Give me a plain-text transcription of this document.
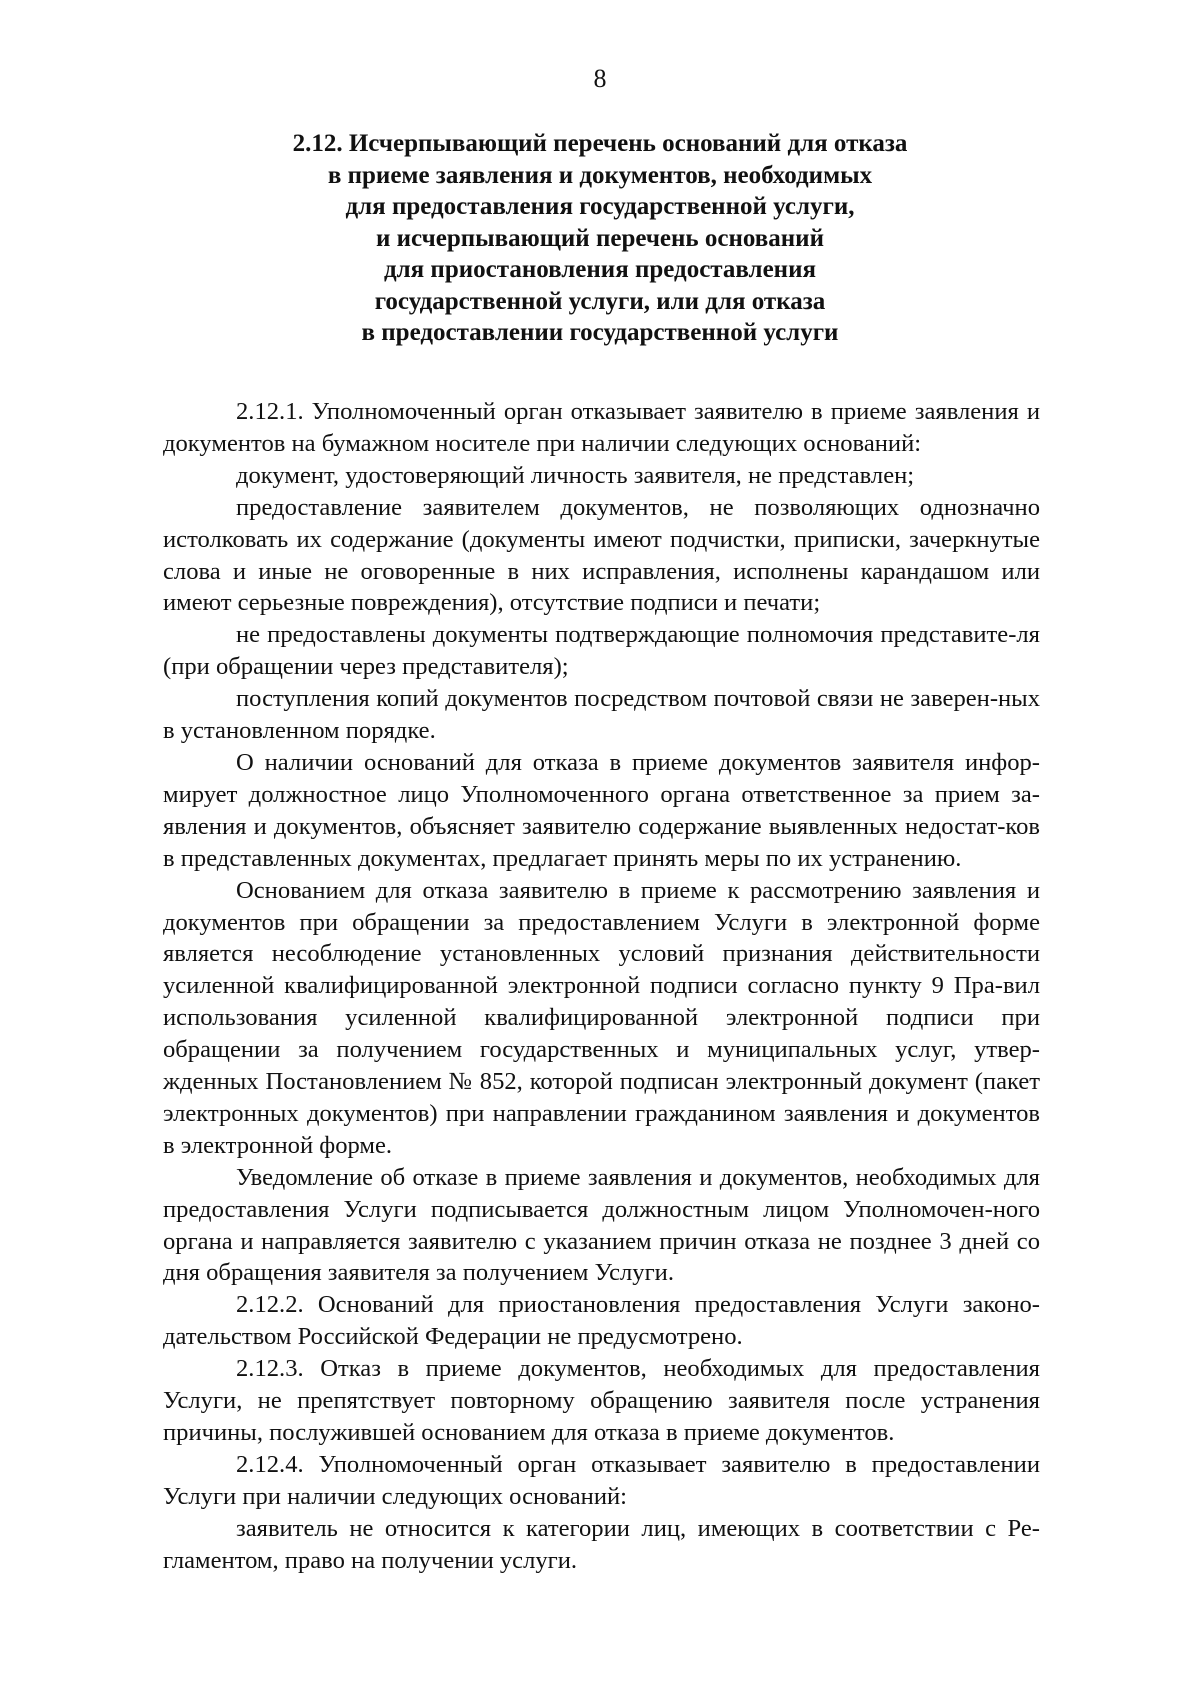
8
2.12. Исчерпывающий перечень оснований для отказа
в приеме заявления и документов, необходимых
для предоставления государственной услуги,
и исчерпывающий перечень оснований
для приостановления предоставления
государственной услуги, или для отказа
в предоставлении государственной услуги

2.12.1. Уполномоченный орган отказывает заявителю в приеме заявления и документов на бумажном носителе при наличии следующих оснований:

документ, удостоверяющий личность заявителя, не представлен;

предоставление заявителем документов, не позволяющих однозначно истолковать их содержание (документы имеют подчистки, приписки, зачеркнутые слова и иные не оговоренные в них исправления, исполнены карандашом или имеют серьезные повреждения), отсутствие подписи и печати;

не предоставлены документы подтверждающие полномочия представите-ля (при обращении через представителя);

поступления копий документов посредством почтовой связи не заверен-ных в установленном порядке.

О наличии оснований для отказа в приеме документов заявителя инфор-мирует должностное лицо Уполномоченного органа ответственное за прием за-явления и документов, объясняет заявителю содержание выявленных недостат-ков в представленных документах, предлагает принять меры по их устранению.

Основанием для отказа заявителю в приеме к рассмотрению заявления и документов при обращении за предоставлением Услуги в электронной форме является несоблюдение установленных условий признания действительности усиленной квалифицированной электронной подписи согласно пункту 9 Пра-вил использования усиленной квалифицированной электронной подписи при обращении за получением государственных и муниципальных услуг, утвер-жденных Постановлением № 852, которой подписан электронный документ (пакет электронных документов) при направлении гражданином заявления и документов в электронной форме.

Уведомление об отказе в приеме заявления и документов, необходимых для предоставления Услуги подписывается должностным лицом Уполномочен-ного органа и направляется заявителю с указанием причин отказа не позднее 3 дней со дня обращения заявителя за получением Услуги.

2.12.2. Оснований для приостановления предоставления Услуги законо-дательством Российской Федерации не предусмотрено.

2.12.3. Отказ в приеме документов, необходимых для предоставления Услуги, не препятствует повторному обращению заявителя после устранения причины, послужившей основанием для отказа в приеме документов.

2.12.4. Уполномоченный орган отказывает заявителю в предоставлении Услуги при наличии следующих оснований:

заявитель не относится к категории лиц, имеющих в соответствии с Ре-гламентом, право на получении услуги.
